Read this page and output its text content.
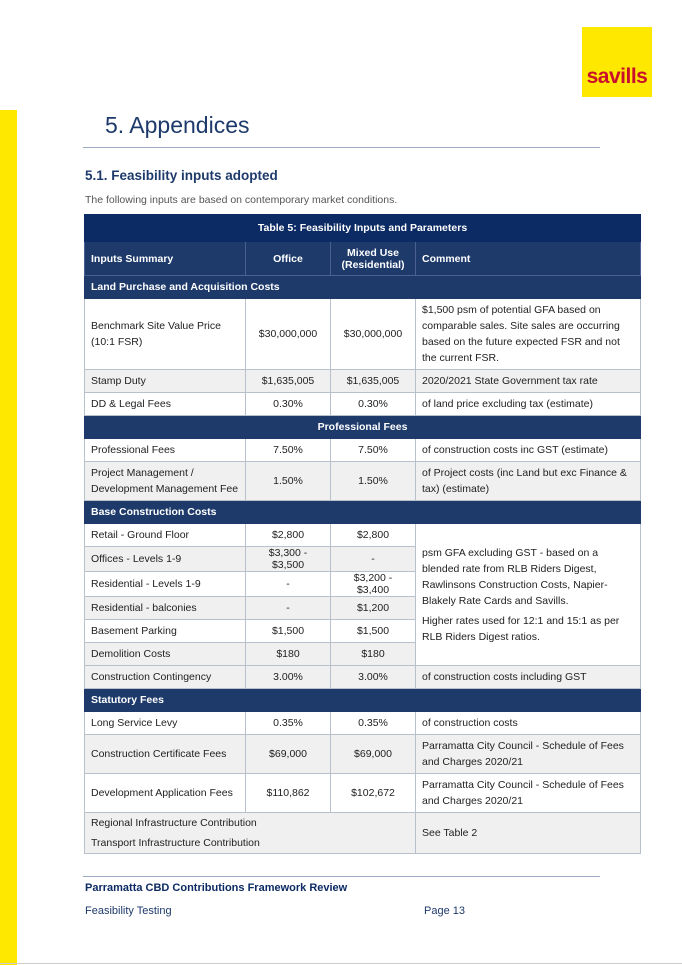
savills
5. Appendices
5.1. Feasibility inputs adopted
The following inputs are based on contemporary market conditions.
Table 5: Feasibility Inputs and Parameters			
Inputs Summary	Office	Mixed Use (Residential)	Comment
Land Purchase and Acquisition Costs			
Benchmark Site Value Price (10:1 FSR)	$30,000,000	$30,000,000	$1,500 psm of potential GFA based on comparable sales. Site sales are occurring based on the future expected FSR and not the current FSR.
Stamp Duty	$1,635,005	$1,635,005	2020/2021 State Government tax rate
DD & Legal Fees	0.30%	0.30%	of land price excluding tax (estimate)
Professional Fees			
Professional Fees	7.50%	7.50%	of construction costs inc GST (estimate)
Project Management / Development Management Fee	1.50%	1.50%	of Project costs (inc Land but exc Finance & tax) (estimate)
Base Construction Costs			
Retail - Ground Floor	$2,800	$2,800	psm GFA excluding GST - based on a blended rate from RLB Riders Digest, Rawlinsons Construction Costs, Napier-Blakely Rate Cards and Savills.

Higher rates used for 12:1 and 15:1 as per RLB Riders Digest ratios.

Offices - Levels 1-9	$3,300 - $3,500	-	
Residential - Levels 1-9	-	$3,200 - $3,400	
Residential - balconies	-	$1,200	
Basement Parking	$1,500	$1,500	
Demolition Costs	$180	$180	
Construction Contingency	3.00%	3.00%	of construction costs including GST
Statutory Fees			
Long Service Levy	0.35%	0.35%	of construction costs
Construction Certificate Fees	$69,000	$69,000	Parramatta City Council - Schedule of Fees and Charges 2020/21
Development Application Fees	$110,862	$102,672	Parramatta City Council - Schedule of Fees and Charges 2020/21

Regional Infrastructure Contribution
Transport Infrastructure Contribution			See Table 2
Parramatta CBD Contributions Framework Review
Feasibility Testing	Page 13
